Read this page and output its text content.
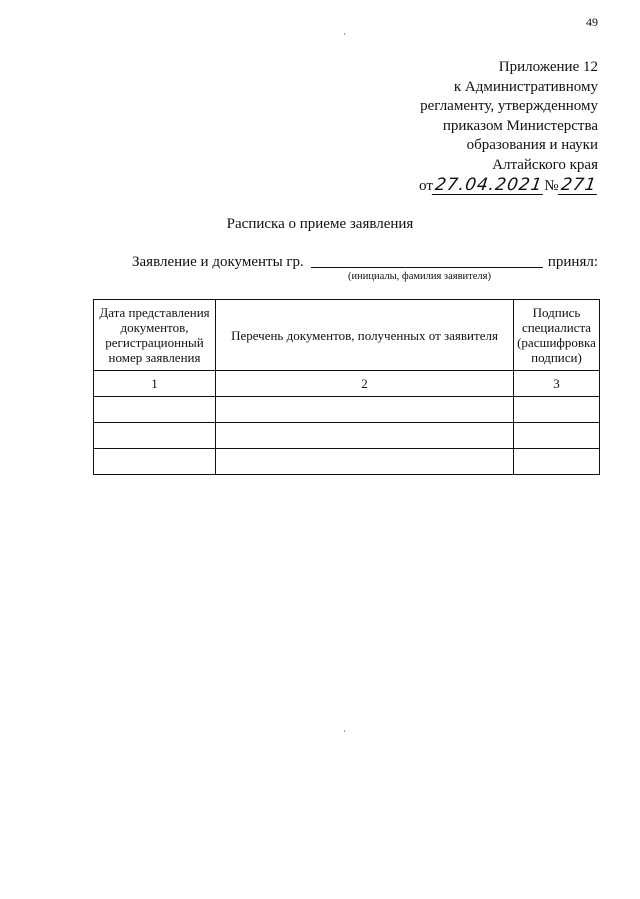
49
Приложение 12
к Административному
регламенту, утвержденному
приказом Министерства
образования и науки
Алтайского края
от27.04.2021№271
Расписка о приеме заявления
Заявление и документы гр.	принял:
(инициалы, фамилия заявителя)
Дата представления документов, регистрационный номер заявления	Перечень документов, полученных от заявителя	Подпись специалиста (расшифровка подписи)
1	2	3
